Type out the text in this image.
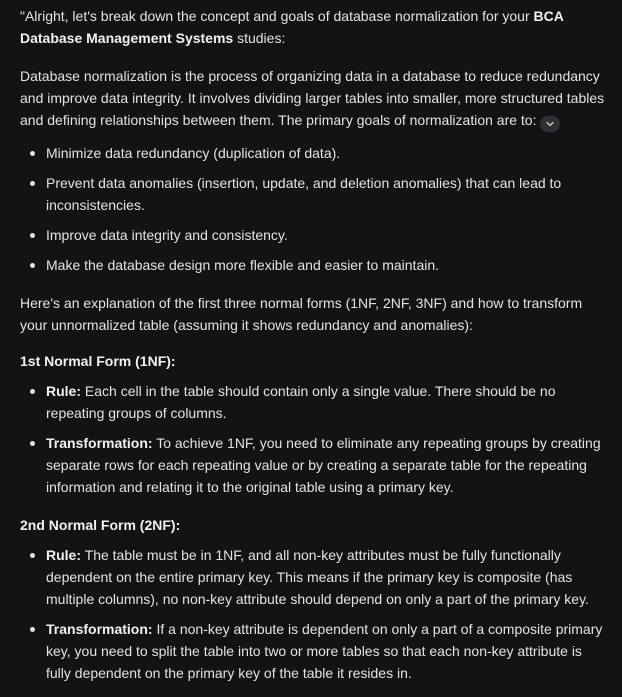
"Alright, let's break down the concept and goals of database normalization for your BCA Database Management Systems studies:

Database normalization is the process of organizing data in a database to reduce redundancy and improve data integrity. It involves dividing larger tables into smaller, more structured tables and defining relationships between them. The primary goals of normalization are to:

Minimize data redundancy (duplication of data).
Prevent data anomalies (insertion, update, and deletion anomalies) that can lead to inconsistencies.
Improve data integrity and consistency.
Make the database design more flexible and easier to maintain.

Here's an explanation of the first three normal forms (1NF, 2NF, 3NF) and how to transform your unnormalized table (assuming it shows redundancy and anomalies):

1st Normal Form (1NF):

Rule: Each cell in the table should contain only a single value. There should be no repeating groups of columns.
Transformation: To achieve 1NF, you need to eliminate any repeating groups by creating separate rows for each repeating value or by creating a separate table for the repeating information and relating it to the original table using a primary key.

2nd Normal Form (2NF):

Rule: The table must be in 1NF, and all non-key attributes must be fully functionally dependent on the entire primary key. This means if the primary key is composite (has multiple columns), no non-key attribute should depend on only a part of the primary key.
Transformation: If a non-key attribute is dependent on only a part of a composite primary key, you need to split the table into two or more tables so that each non-key attribute is fully dependent on the primary key of the table it resides in.
